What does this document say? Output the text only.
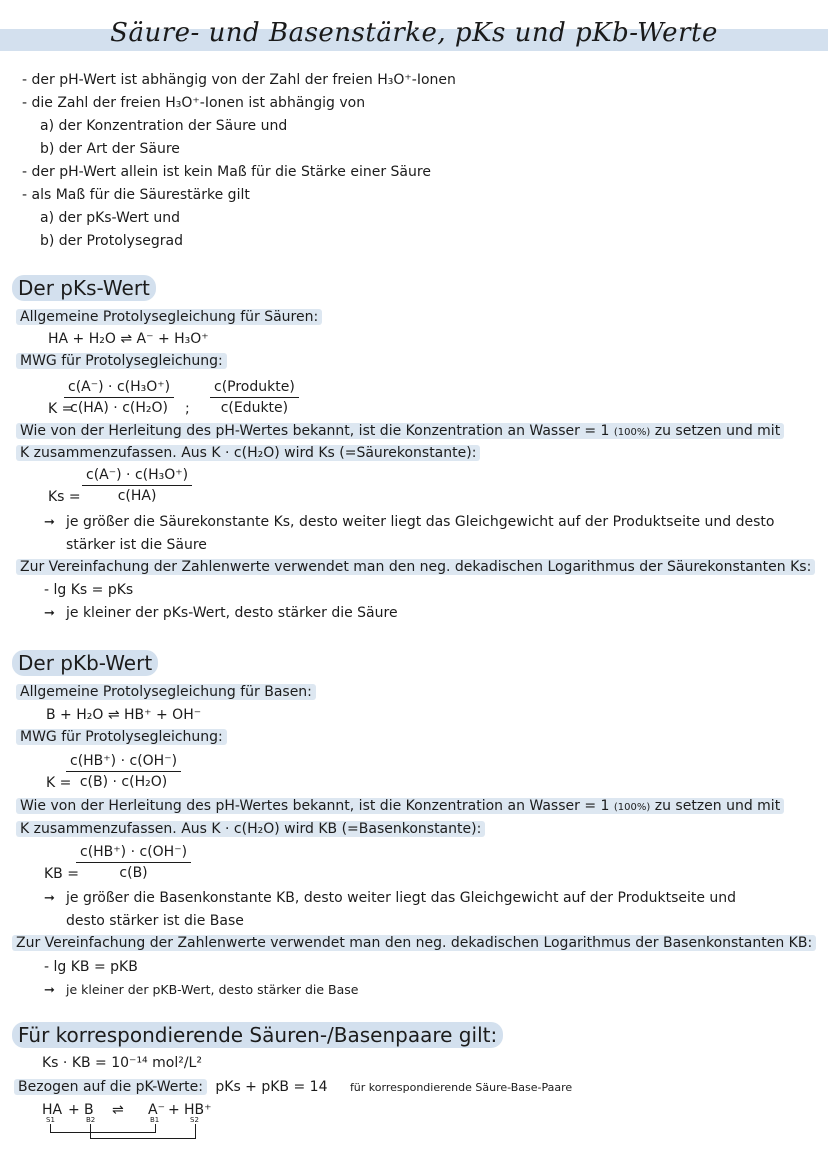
Säure- und Basenstärke, pKs und pKb-Werte
- der pH-Wert ist abhängig von der Zahl der freien H₃O⁺-Ionen
- die Zahl der freien H₃O⁺-Ionen ist abhängig von
a) der Konzentration der Säure und
b) der Art der Säure
- der pH-Wert allein ist kein Maß für die Stärke einer Säure
- als Maß für die Säurestärke gilt
a) der pKs-Wert und
b) der Protolysegrad
Der pKs-Wert
Allgemeine Protolysegleichung für Säuren:
HA + H₂O ⇌ A⁻ + H₃O⁺
MWG für Protolysegleichung:
K =
$\frac{\text{c(A⁻) · c(H₃O⁺)}}{\text{c(HA) · c(H₂O)}}$ ;
c(Produkte)
c(Edukte)
Wie von der Herleitung des pH-Wertes bekannt, ist die Konzentration an Wasser = 1 (100%) zu setzen und mit
K zusammenzufassen. Aus K · c(H₂O) wird Ks (=Säurekonstante):
$Ks = \frac{\text{c(A⁻) · c(H₃O⁺)}}{c(HA)}$
➞ je größer die Säurekonstante Ks, desto weiter liegt das Gleichgewicht auf der Produktseite und desto
stärker ist die Säure
Zur Vereinfachung der Zahlenwerte verwendet man den neg. dekadischen Logarithmus der Säurekonstanten Ks:
- lg Ks = pKs
➞ je kleiner der pKs-Wert, desto stärker die Säure
Der pKb-Wert
Allgemeine Protolysegleichung für Basen:
B + H₂O ⇌ HB⁺ + OH⁻
MWG für Protolysegleichung:
K =
$\frac{c(HB^+) \cdot c(OH^-)}{\text{c(B) · c(H₂O)}}$
Wie von der Herleitung des pH-Wertes bekannt, ist die Konzentration an Wasser = 1 (100%) zu setzen und mit
K zusammenzufassen. Aus K · c(H₂O) wird KB (=Basenkonstante):
KB =
$\frac{c(HB^+) \cdot c(OH^-)}{c(B)}$
➞ je größer die Basenkonstante KB, desto weiter liegt das Gleichgewicht auf der Produktseite und
desto stärker ist die Base
Zur Vereinfachung der Zahlenwerte verwendet man den neg. dekadischen Logarithmus der Basenkonstanten KB:
- lg KB = pKB
➞ je kleiner der pKB-Wert, desto stärker die Base
Für korrespondierende Säuren-/Basenpaare gilt:
Ks · KB = 10⁻¹⁴ mol²/L²
Bezogen auf die pK-Werte: pKs + pKB = 14 für korrespondierende Säure-Base-Paare
HA + B ⇌ A⁻ + HB⁺
S1	B2	B1	S2
